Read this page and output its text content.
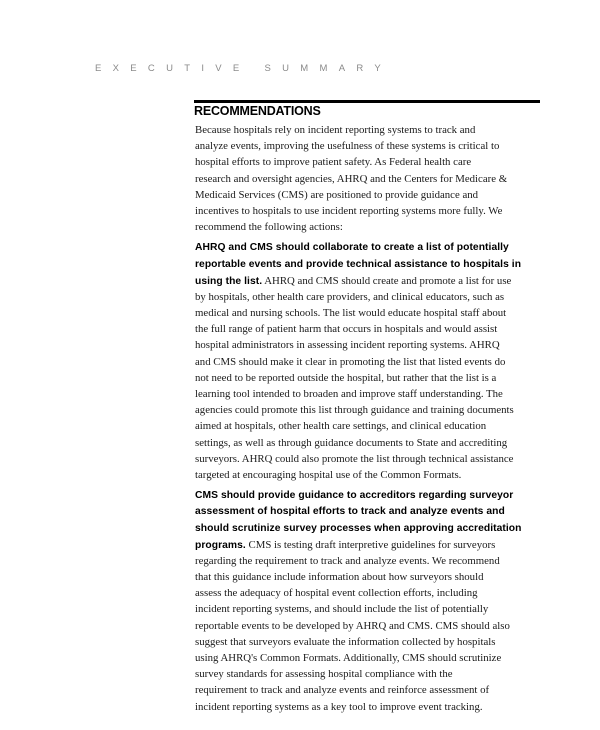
EXECUTIVE SUMMARY
RECOMMENDATIONS
Because hospitals rely on incident reporting systems to track and
analyze events, improving the usefulness of these systems is critical to
hospital efforts to improve patient safety. As Federal health care
research and oversight agencies, AHRQ and the Centers for Medicare &
Medicaid Services (CMS) are positioned to provide guidance and
incentives to hospitals to use incident reporting systems more fully. We
recommend the following actions:
AHRQ and CMS should collaborate to create a list of potentially
reportable events and provide technical assistance to hospitals in
using the list. AHRQ and CMS should create and promote a list for use
by hospitals, other health care providers, and clinical educators, such as
medical and nursing schools. The list would educate hospital staff about
the full range of patient harm that occurs in hospitals and would assist
hospital administrators in assessing incident reporting systems. AHRQ
and CMS should make it clear in promoting the list that listed events do
not need to be reported outside the hospital, but rather that the list is a
learning tool intended to broaden and improve staff understanding. The
agencies could promote this list through guidance and training documents
aimed at hospitals, other health care settings, and clinical education
settings, as well as through guidance documents to State and accrediting
surveyors. AHRQ could also promote the list through technical assistance
targeted at encouraging hospital use of the Common Formats.
CMS should provide guidance to accreditors regarding surveyor
assessment of hospital efforts to track and analyze events and
should scrutinize survey processes when approving accreditation
programs. CMS is testing draft interpretive guidelines for surveyors
regarding the requirement to track and analyze events. We recommend
that this guidance include information about how surveyors should
assess the adequacy of hospital event collection efforts, including
incident reporting systems, and should include the list of potentially
reportable events to be developed by AHRQ and CMS. CMS should also
suggest that surveyors evaluate the information collected by hospitals
using AHRQ's Common Formats. Additionally, CMS should scrutinize
survey standards for assessing hospital compliance with the
requirement to track and analyze events and reinforce assessment of
incident reporting systems as a key tool to improve event tracking.
